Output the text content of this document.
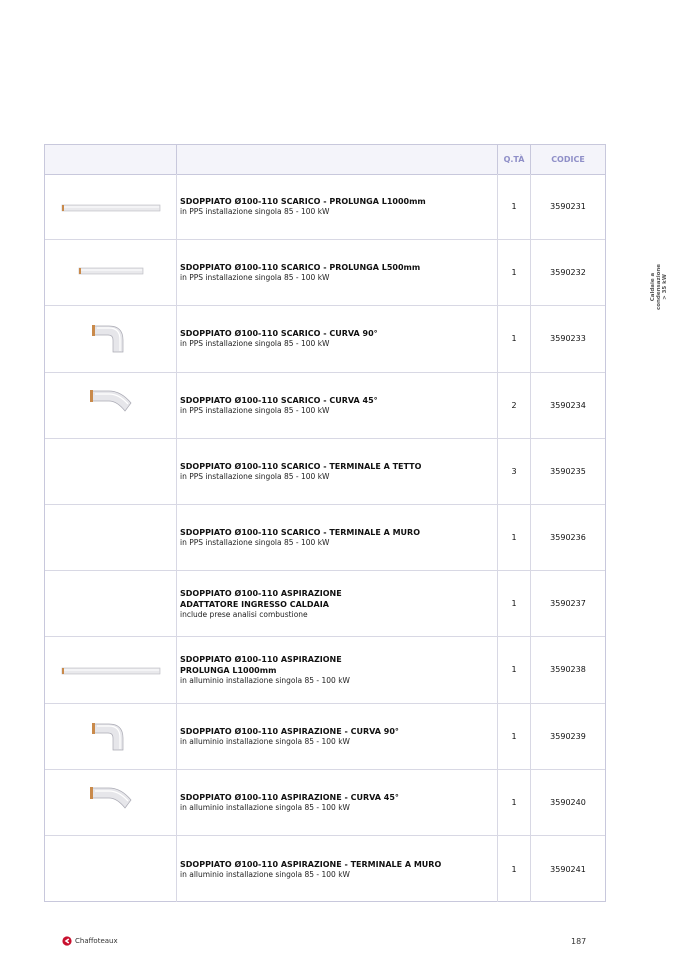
Q.TÀ	CODICE
SDOPPIATO Ø100-110 SCARICO - PROLUNGA L1000mm
in PPS installazione singola 85 - 100 kW
1	3590231
SDOPPIATO Ø100-110 SCARICO - PROLUNGA L500mm
in PPS installazione singola 85 - 100 kW
1	3590232
SDOPPIATO Ø100-110 SCARICO - CURVA 90°
in PPS installazione singola 85 - 100 kW
1	3590233
SDOPPIATO Ø100-110 SCARICO - CURVA 45°
in PPS installazione singola 85 - 100 kW
2	3590234
SDOPPIATO Ø100-110 SCARICO - TERMINALE A TETTO
in PPS installazione singola 85 - 100 kW
3	3590235
SDOPPIATO Ø100-110 SCARICO - TERMINALE A MURO
in PPS installazione singola 85 - 100 kW
1	3590236
SDOPPIATO Ø100-110 ASPIRAZIONE
ADATTATORE INGRESSO CALDAIA
include prese analisi combustione
1	3590237
SDOPPIATO Ø100-110 ASPIRAZIONE
PROLUNGA L1000mm
in alluminio installazione singola 85 - 100 kW
1	3590238
SDOPPIATO Ø100-110 ASPIRAZIONE - CURVA 90°
in alluminio installazione singola 85 - 100 kW
1	3590239
SDOPPIATO Ø100-110 ASPIRAZIONE - CURVA 45°
in alluminio installazione singola 85 - 100 kW
1	3590240
SDOPPIATO Ø100-110 ASPIRAZIONE - TERMINALE A MURO
in alluminio installazione singola 85 - 100 kW
1	3590241
Caldaie a
condensazione
> 35 kW
Chaffoteaux	187
